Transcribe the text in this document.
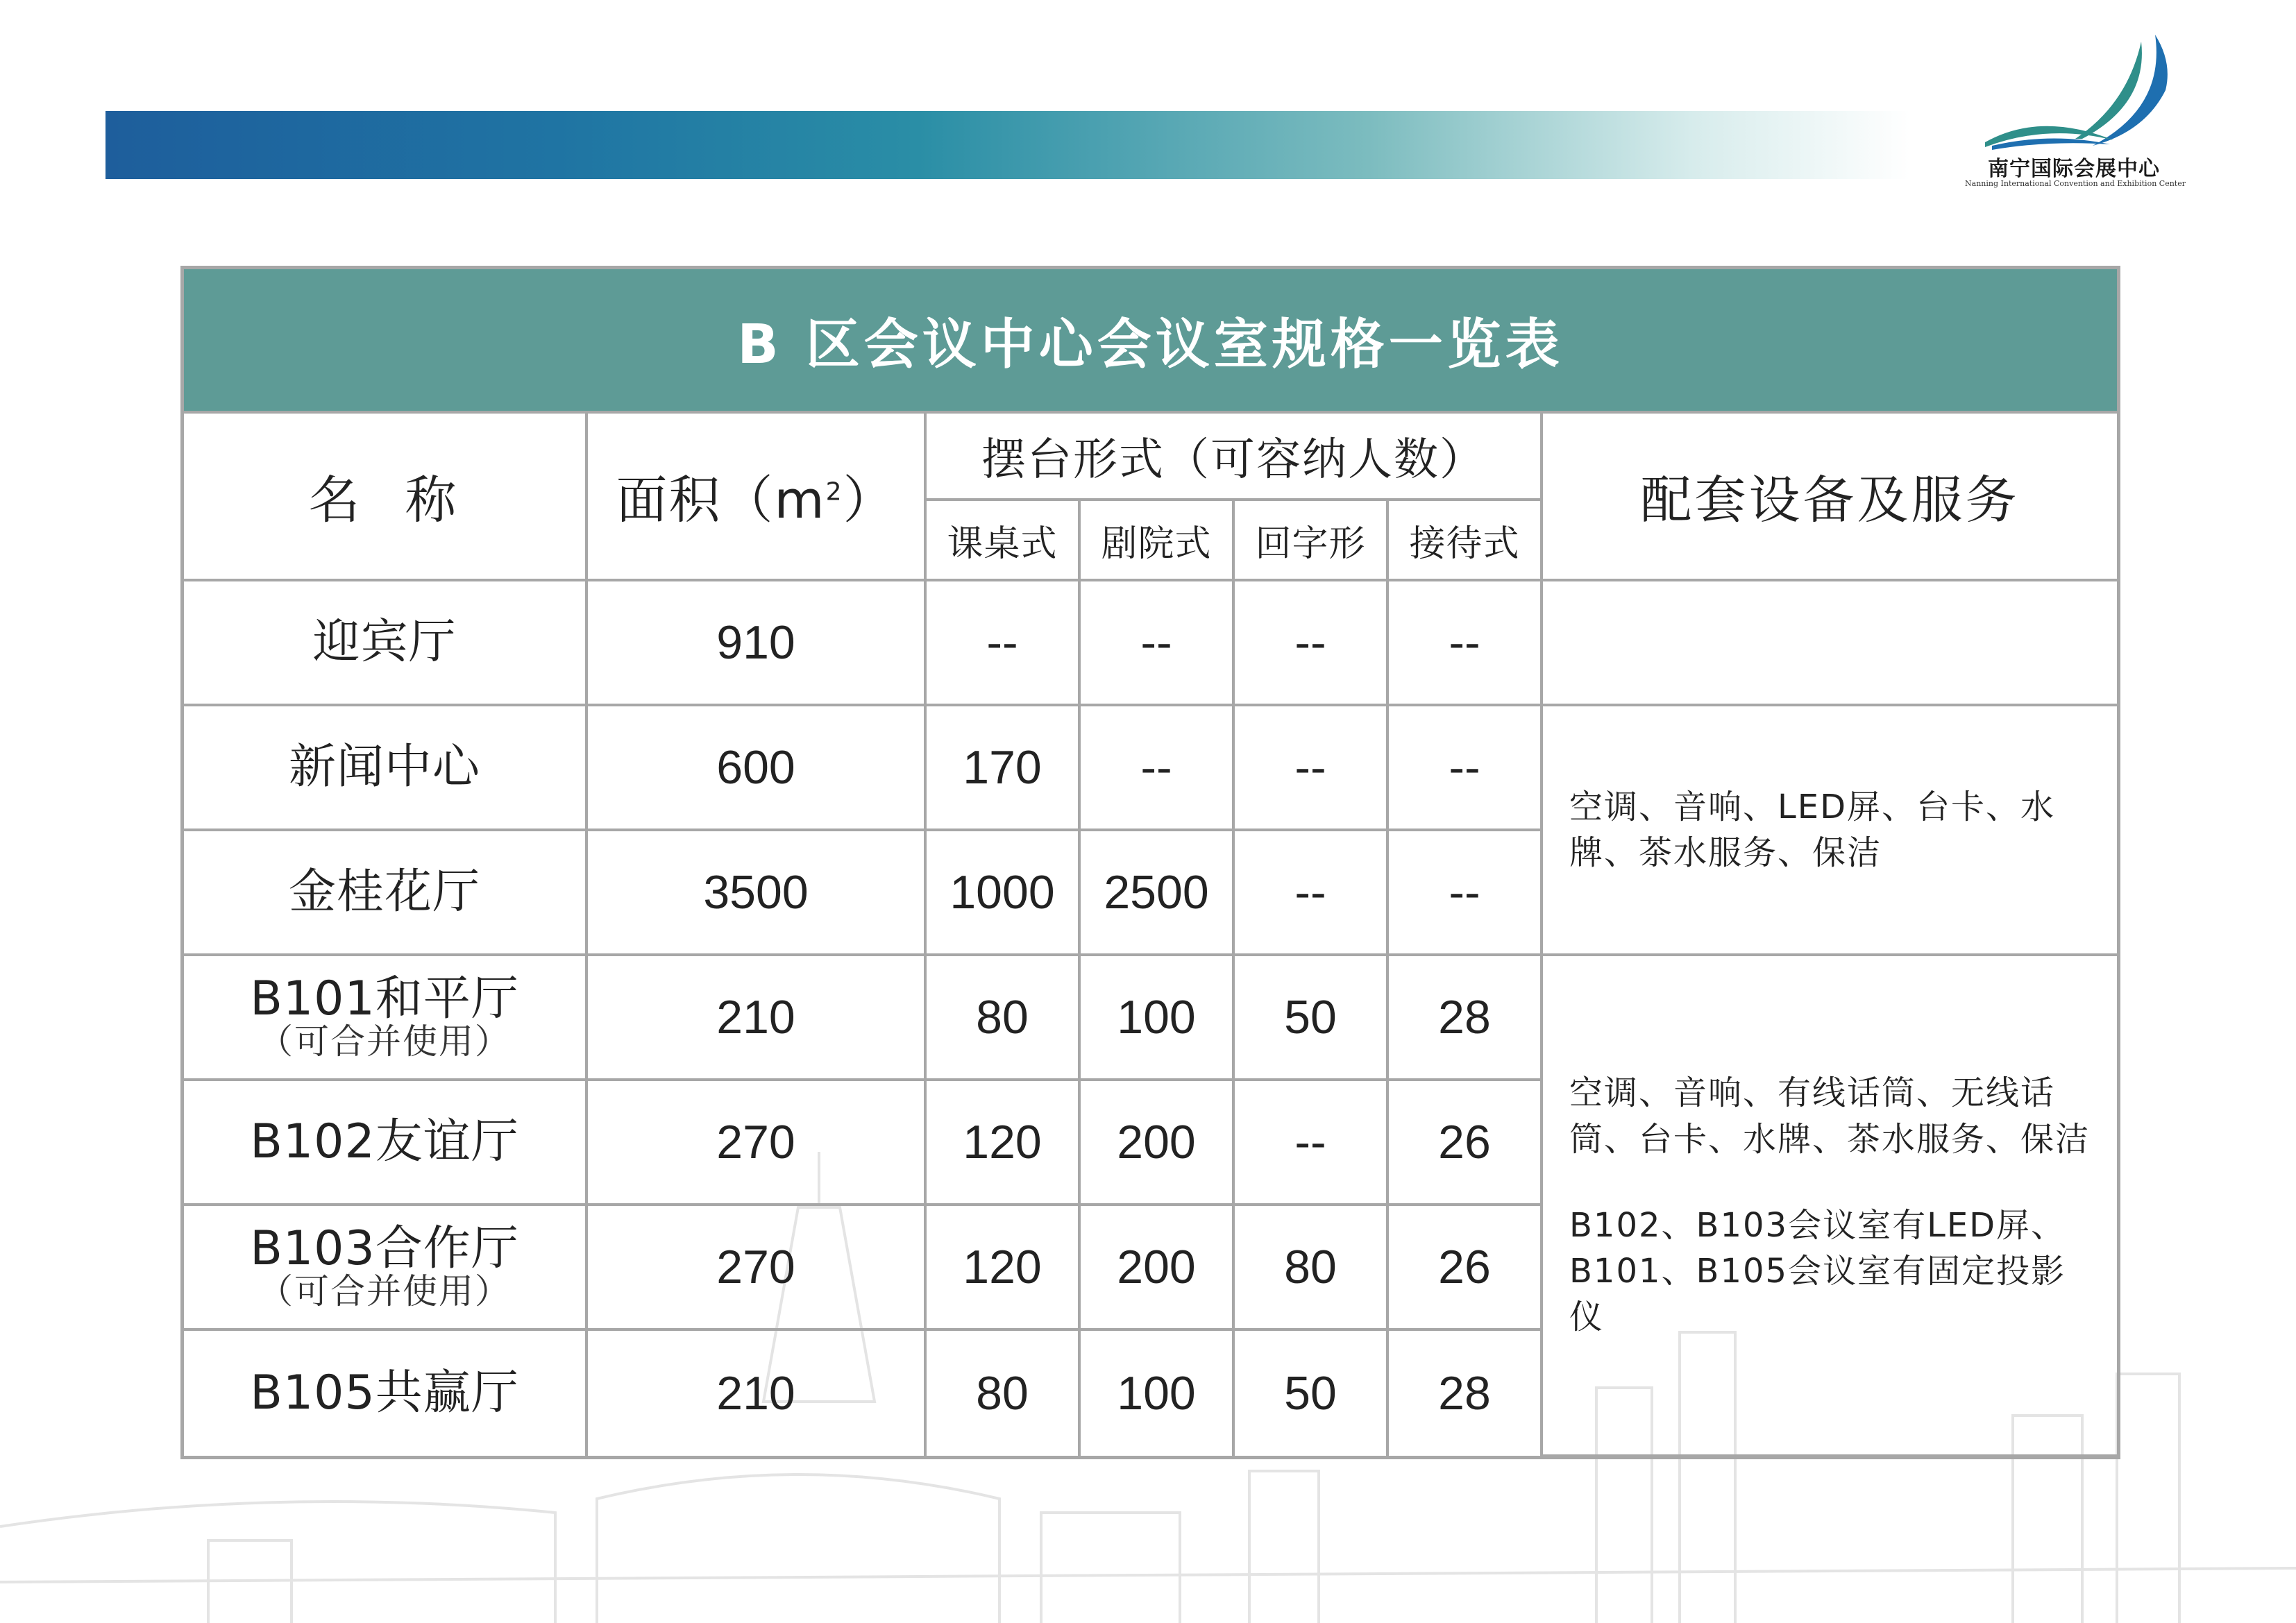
南宁国际会展中心
Nanning International Convention and Exhibition Center
B 区会议中心会议室规格一览表
名  称	面积$(m^2)$	摆台形式（可容纳人数）				配套设备及服务
		课桌式	剧院式	回字形	接待式	
迎宾厅	910	--	--	--	--	
新闻中心	600	170	--	--	--	空调、音响、LED屏、台卡、水牌、茶水服务、保洁
金桂花厅	3500	1000	2500	--	--	
B101和平厅
（可合并使用）	210	80	100	50	28	空调、音响、有线话筒、无线话筒、台卡、水牌、茶水服务、保洁
B102、B103会议室有LED屏、B101、B105会议室有固定投影仪
B102友谊厅	270	120	200	--	26	
B103合作厅
（可合并使用）	270	120	200	80	26	
B105共赢厅	210	80	100	50	28	
